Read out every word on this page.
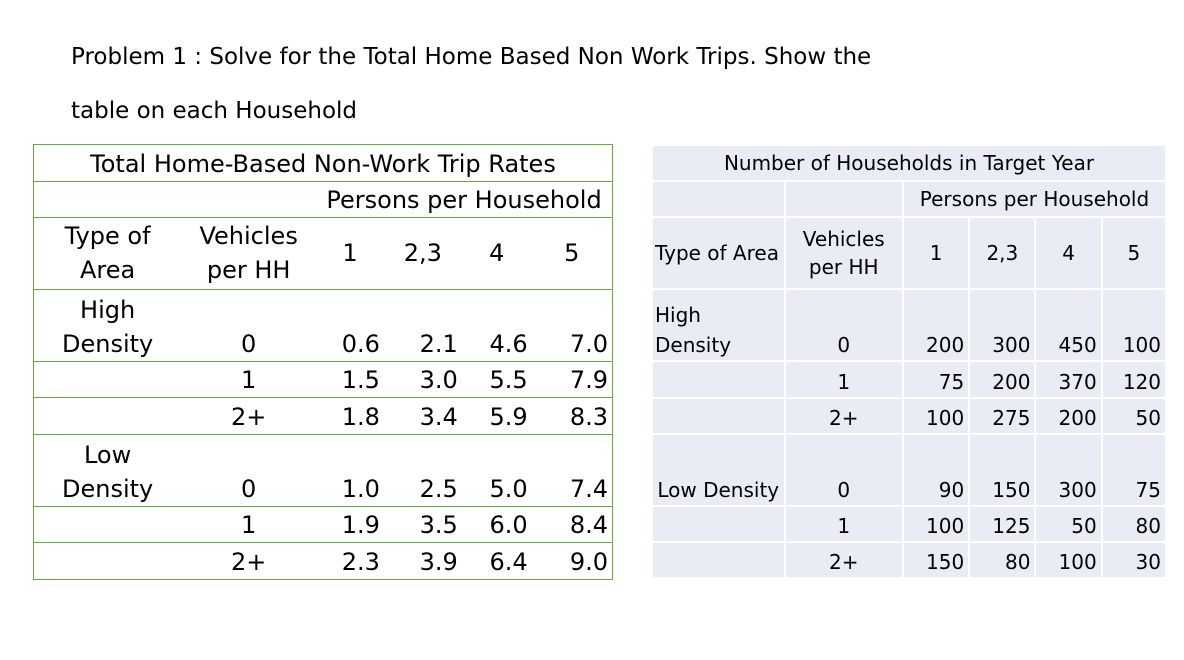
Problem 1 : Solve for the Total Home Based Non Work Trips. Show the
table on each Household
Total Home-Based Non-Work Trip Rates					
		Persons per Household			
Type of
Area	Vehicles
per HH	1	2,3	4	5
High
Density	0	0.6	2.1	4.6	7.0
	1	1.5	3.0	5.5	7.9
	2+	1.8	3.4	5.9	8.3
Low
Density	0	1.0	2.5	5.0	7.4
	1	1.9	3.5	6.0	8.4
	2+	2.3	3.9	6.4	9.0
Number of Households in Target Year					
		Persons per Household			
Type of Area	Vehicles
per HH	1	2,3	4	5
High Density	0	200	300	450	100
	1	75	200	370	120
	2+	100	275	200	50
Low Density	0	90	150	300	75
	1	100	125	50	80
	2+	150	80	100	30
